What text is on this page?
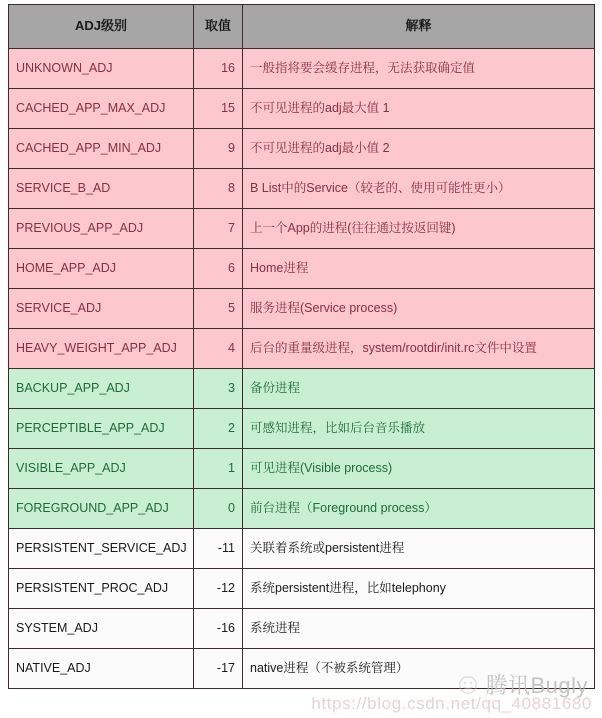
ADJ级别	取值	解释
UNKNOWN_ADJ	16	一般指将要会缓存进程，无法获取确定值
CACHED_APP_MAX_ADJ	15	不可见进程的adj最大值 1
CACHED_APP_MIN_ADJ	9	不可见进程的adj最小值 2
SERVICE_B_AD	8	B List中的Service（较老的、使用可能性更小）
PREVIOUS_APP_ADJ	7	上一个App的进程(往往通过按返回键)
HOME_APP_ADJ	6	Home进程
SERVICE_ADJ	5	服务进程(Service process)
HEAVY_WEIGHT_APP_ADJ	4	后台的重量级进程，system/rootdir/init.rc文件中设置
BACKUP_APP_ADJ	3	备份进程
PERCEPTIBLE_APP_ADJ	2	可感知进程，比如后台音乐播放
VISIBLE_APP_ADJ	1	可见进程(Visible process)
FOREGROUND_APP_ADJ	0	前台进程（Foreground process）
PERSISTENT_SERVICE_ADJ	-11	关联着系统或persistent进程
PERSISTENT_PROC_ADJ	-12	系统persistent进程，比如telephony
SYSTEM_ADJ	-16	系统进程
NATIVE_ADJ	-17	native进程（不被系统管理）
腾讯Bugly
https://blog.csdn.net/qq_40881680
